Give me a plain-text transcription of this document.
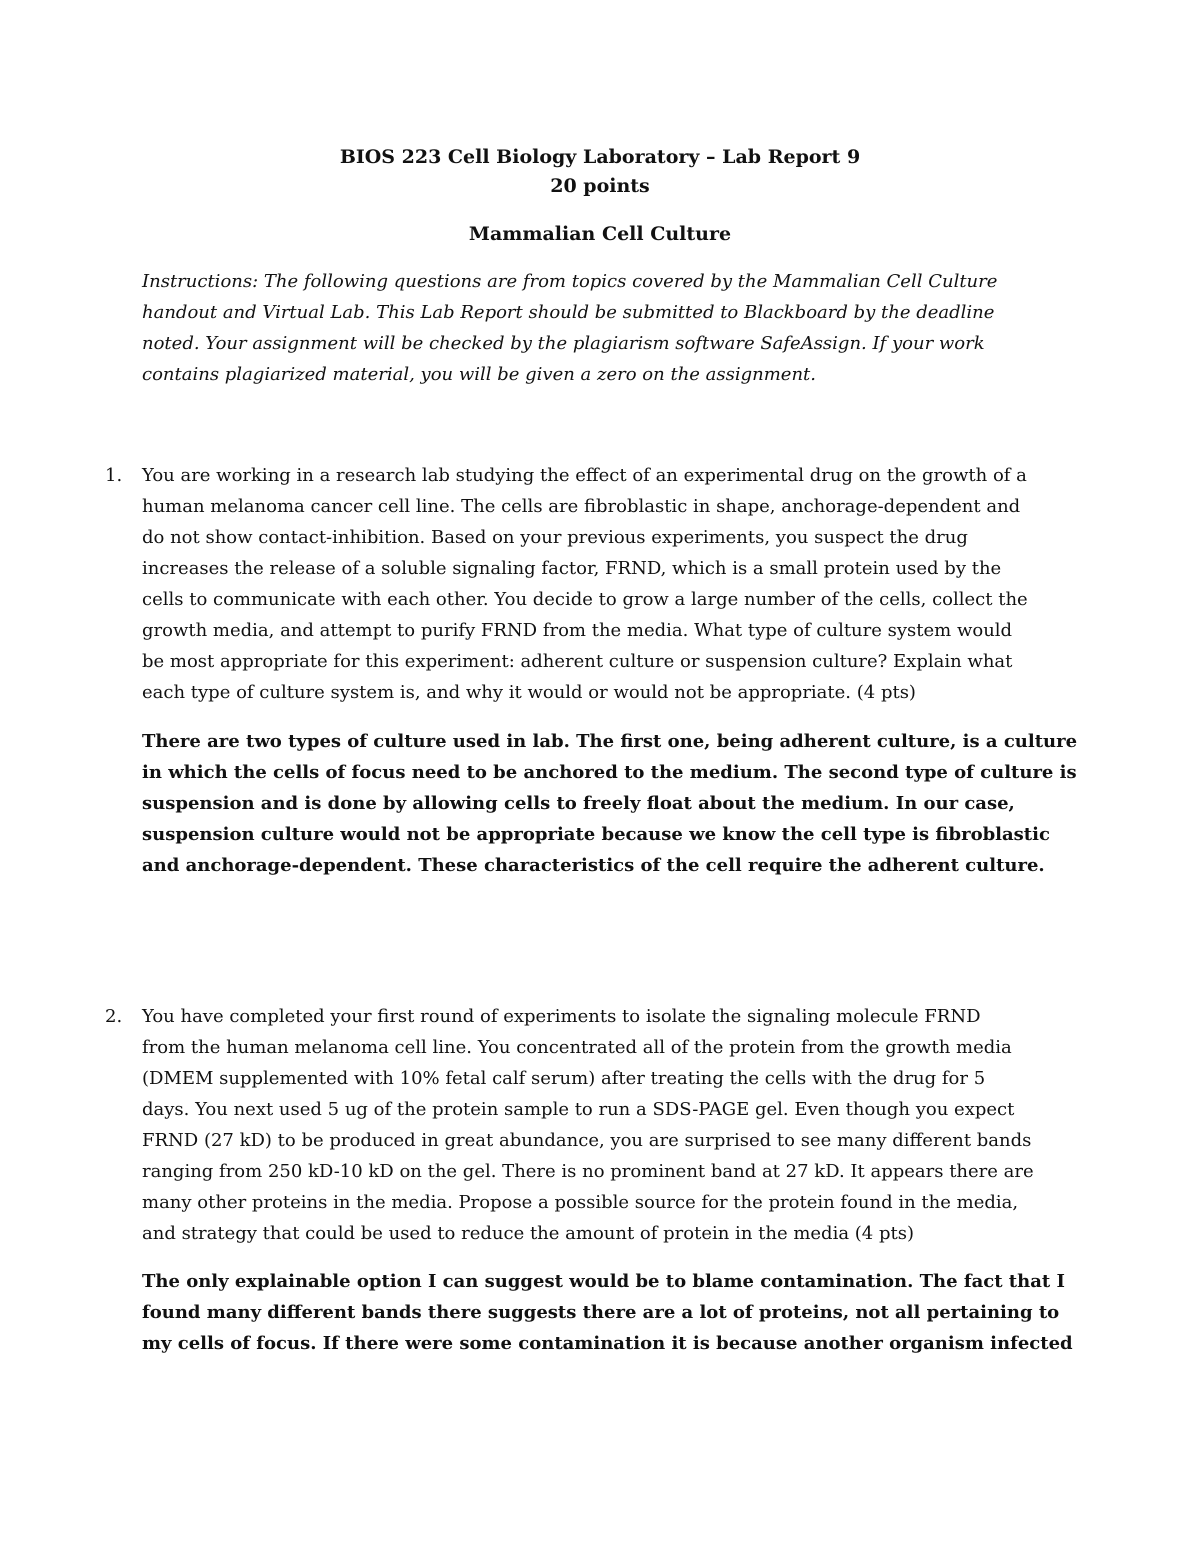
BIOS 223 Cell Biology Laboratory – Lab Report 9
20 points
Mammalian Cell Culture
Instructions: The following questions are from topics covered by the Mammalian Cell Culture
handout and Virtual Lab. This Lab Report should be submitted to Blackboard by the deadline
noted. Your assignment will be checked by the plagiarism software SafeAssign. If your work
contains plagiarized material, you will be given a zero on the assignment.
1. You are working in a research lab studying the effect of an experimental drug on the growth of a
human melanoma cancer cell line. The cells are fibroblastic in shape, anchorage-dependent and
do not show contact-inhibition. Based on your previous experiments, you suspect the drug
increases the release of a soluble signaling factor, FRND, which is a small protein used by the
cells to communicate with each other. You decide to grow a large number of the cells, collect the
growth media, and attempt to purify FRND from the media. What type of culture system would
be most appropriate for this experiment: adherent culture or suspension culture? Explain what
each type of culture system is, and why it would or would not be appropriate. (4 pts)
There are two types of culture used in lab. The first one, being adherent culture, is a culture
in which the cells of focus need to be anchored to the medium. The second type of culture is
suspension and is done by allowing cells to freely float about the medium. In our case,
suspension culture would not be appropriate because we know the cell type is fibroblastic
and anchorage-dependent. These characteristics of the cell require the adherent culture.
2. You have completed your first round of experiments to isolate the signaling molecule FRND
from the human melanoma cell line. You concentrated all of the protein from the growth media
(DMEM supplemented with 10% fetal calf serum) after treating the cells with the drug for 5
days. You next used 5 ug of the protein sample to run a SDS-PAGE gel. Even though you expect
FRND (27 kD) to be produced in great abundance, you are surprised to see many different bands
ranging from 250 kD-10 kD on the gel. There is no prominent band at 27 kD. It appears there are
many other proteins in the media. Propose a possible source for the protein found in the media,
and strategy that could be used to reduce the amount of protein in the media (4 pts)
The only explainable option I can suggest would be to blame contamination. The fact that I
found many different bands there suggests there are a lot of proteins, not all pertaining to
my cells of focus. If there were some contamination it is because another organism infected
